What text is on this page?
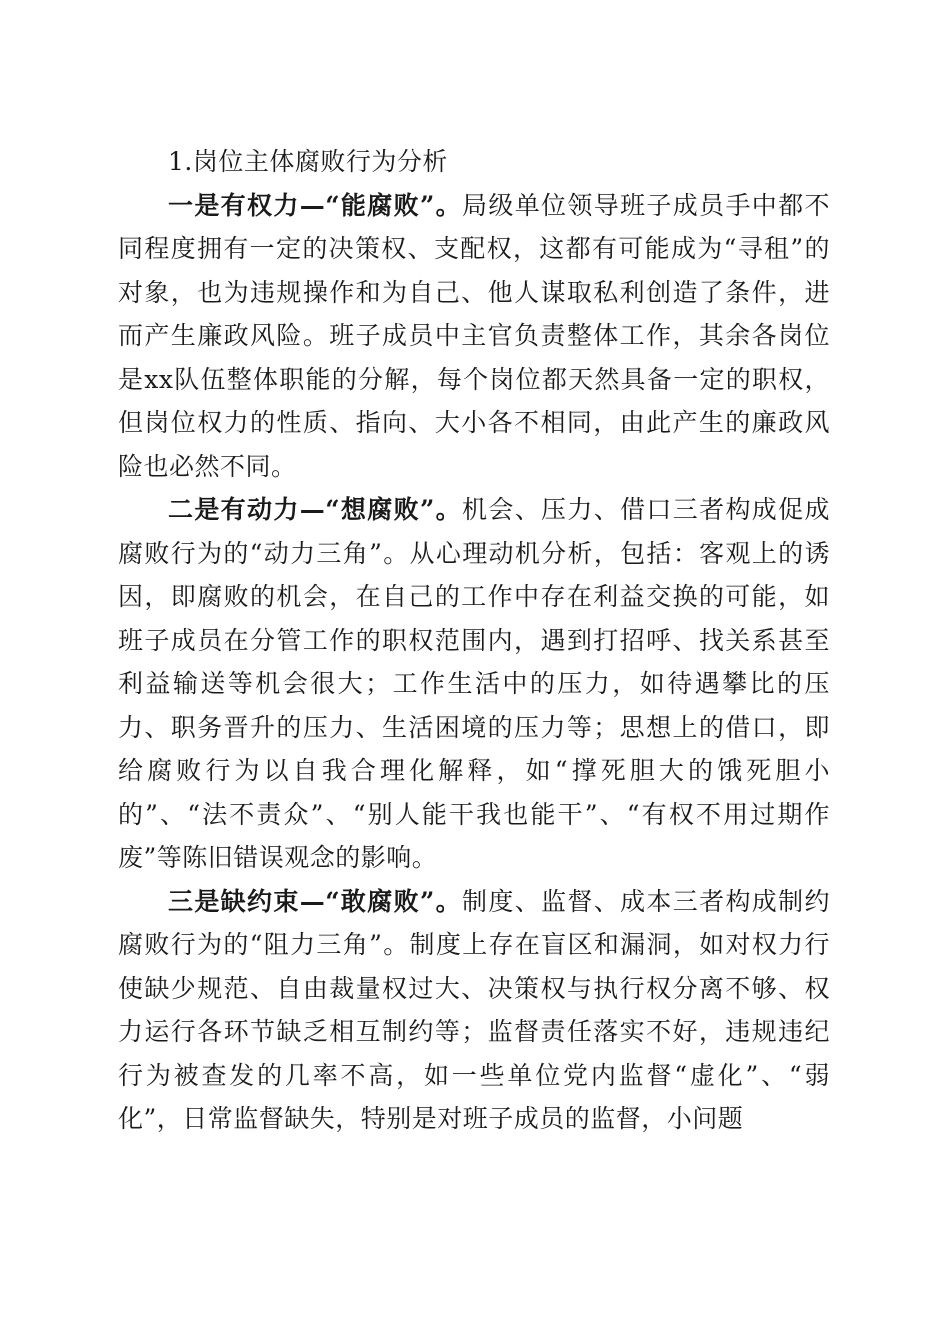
1.岗位主体腐败行为分析

一是有权力—“能腐败”。局级单位领导班子成员手中都不同程度拥有一定的决策权、支配权，这都有可能成为“寻租”的对象，也为违规操作和为自己、他人谋取私利创造了条件，进而产生廉政风险。班子成员中主官负责整体工作，其余各岗位是xx队伍整体职能的分解，每个岗位都天然具备一定的职权，但岗位权力的性质、指向、大小各不相同，由此产生的廉政风险也必然不同。

二是有动力—“想腐败”。机会、压力、借口三者构成促成腐败行为的“动力三角”。从心理动机分析，包括：客观上的诱因，即腐败的机会，在自己的工作中存在利益交换的可能，如班子成员在分管工作的职权范围内，遇到打招呼、找关系甚至利益输送等机会很大；工作生活中的压力，如待遇攀比的压力、职务晋升的压力、生活困境的压力等；思想上的借口，即给腐败行为以自我合理化解释，如“撑死胆大的饿死胆小的”、“法不责众”、“别人能干我也能干”、“有权不用过期作废”等陈旧错误观念的影响。

三是缺约束—“敢腐败”。制度、监督、成本三者构成制约腐败行为的“阻力三角”。制度上存在盲区和漏洞，如对权力行使缺少规范、自由裁量权过大、决策权与执行权分离不够、权力运行各环节缺乏相互制约等；监督责任落实不好，违规违纪行为被查发的几率不高，如一些单位党内监督“虚化”、“弱化”，日常监督缺失，特别是对班子成员的监督，小问题
